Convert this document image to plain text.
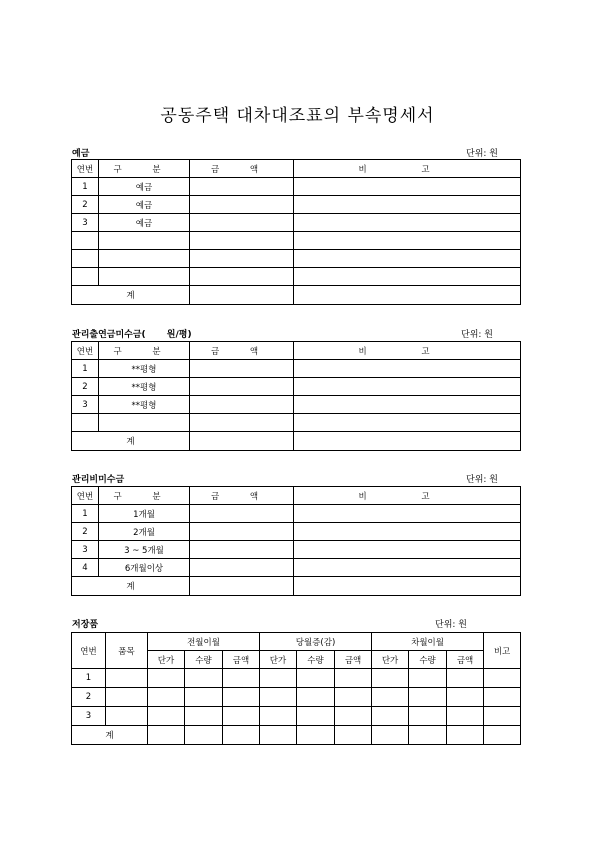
공동주택 대차대조표의 부속명세서
예금	단위: 원
연번	구 분	금 액	비 고
1	예금		
2	예금		
3	예금		

계			
관리출연금미수금(　　 원/평)	단위: 원
연번	구 분	금 액	비 고
1	**평형		
2	**평형		
3	**평형		

계			
관리비미수금	단위: 원
연번	구 분	금 액	비 고
1	1개월		
2	2개월		
3	3 ~ 5개월		
4	6개월이상		
계			
저장품	단위: 원
연번	품목	전월이월			당월증(감)			차월이월			비고
		단가	수량	금액	단가	수량	금액	단가	수량	금액	
1											
2											
3											
계											
